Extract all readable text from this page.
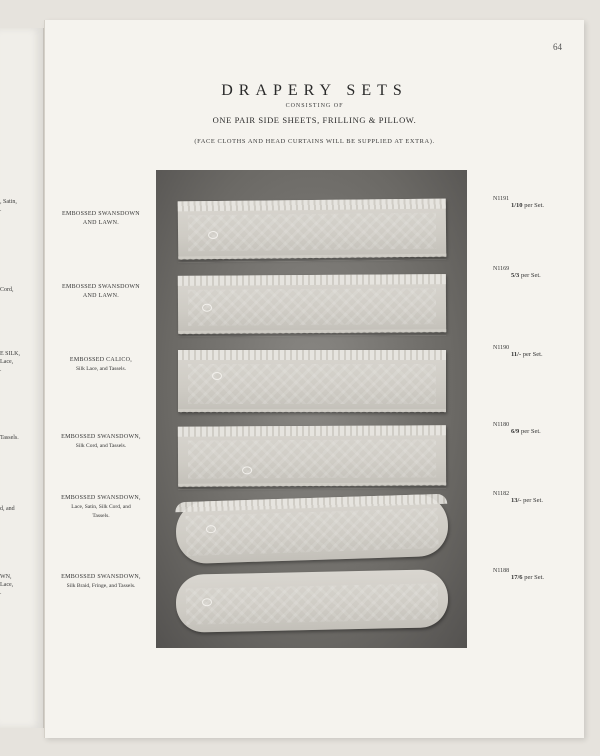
, Satin,
.
Cord,
E SILK,
Lace,
.
Tassels.
d, and
WN,
Lace,
.
64
DRAPERY SETS
CONSISTING OF
ONE PAIR SIDE SHEETS, FRILLING & PILLOW.
(FACE CLOTHS AND HEAD CURTAINS WILL BE SUPPLIED AT EXTRA).
EMBOSSED SWANSDOWN
AND LAWN.
EMBOSSED SWANSDOWN
AND LAWN.
EMBOSSED CALICO,
Silk Lace, and Tassels.
EMBOSSED SWANSDOWN,
Silk Cord, and Tassels.
EMBOSSED SWANSDOWN,
Lace, Satin, Silk Cord, and
Tassels.
EMBOSSED SWANSDOWN,
Silk Braid, Fringe, and Tassels.
N1191
1/10 per Set.
N1169
5/3 per Set.
N1190
11/- per Set.
N1180
6/9 per Set.
N1182
13/- per Set.
N1188
17/6 per Set.
